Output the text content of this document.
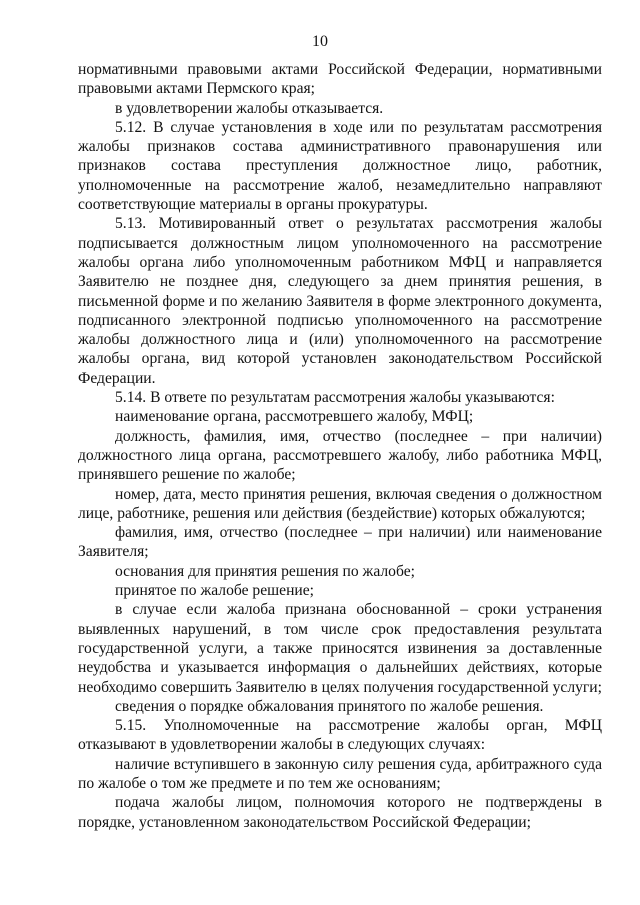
10

нормативными правовыми актами Российской Федерации, нормативными правовыми актами Пермского края;

в удовлетворении жалобы отказывается.

5.12. В случае установления в ходе или по результатам рассмотрения жалобы признаков состава административного правонарушения или признаков состава преступления должностное лицо, работник, уполномоченные на рассмотрение жалоб, незамедлительно направляют соответствующие материалы в органы прокуратуры.

5.13. Мотивированный ответ о результатах рассмотрения жалобы подписывается должностным лицом уполномоченного на рассмотрение жалобы органа либо уполномоченным работником МФЦ и направляется Заявителю не позднее дня, следующего за днем принятия решения, в письменной форме и по желанию Заявителя в форме электронного документа, подписанного электронной подписью уполномоченного на рассмотрение жалобы должностного лица и (или) уполномоченного на рассмотрение жалобы органа, вид которой установлен законодательством Российской Федерации.

5.14. В ответе по результатам рассмотрения жалобы указываются:

наименование органа, рассмотревшего жалобу, МФЦ;

должность, фамилия, имя, отчество (последнее – при наличии) должностного лица органа, рассмотревшего жалобу, либо работника МФЦ, принявшего решение по жалобе;

номер, дата, место принятия решения, включая сведения о должностном лице, работнике, решения или действия (бездействие) которых обжалуются;

фамилия, имя, отчество (последнее – при наличии) или наименование Заявителя;

основания для принятия решения по жалобе;

принятое по жалобе решение;

в случае если жалоба признана обоснованной – сроки устранения выявленных нарушений, в том числе срок предоставления результата государственной услуги, а также приносятся извинения за доставленные неудобства и указывается информация о дальнейших действиях, которые необходимо совершить Заявителю в целях получения государственной услуги;

сведения о порядке обжалования принятого по жалобе решения.

5.15. Уполномоченные на рассмотрение жалобы орган, МФЦ отказывают в удовлетворении жалобы в следующих случаях:

наличие вступившего в законную силу решения суда, арбитражного суда по жалобе о том же предмете и по тем же основаниям;

подача жалобы лицом, полномочия которого не подтверждены в порядке, установленном законодательством Российской Федерации;
